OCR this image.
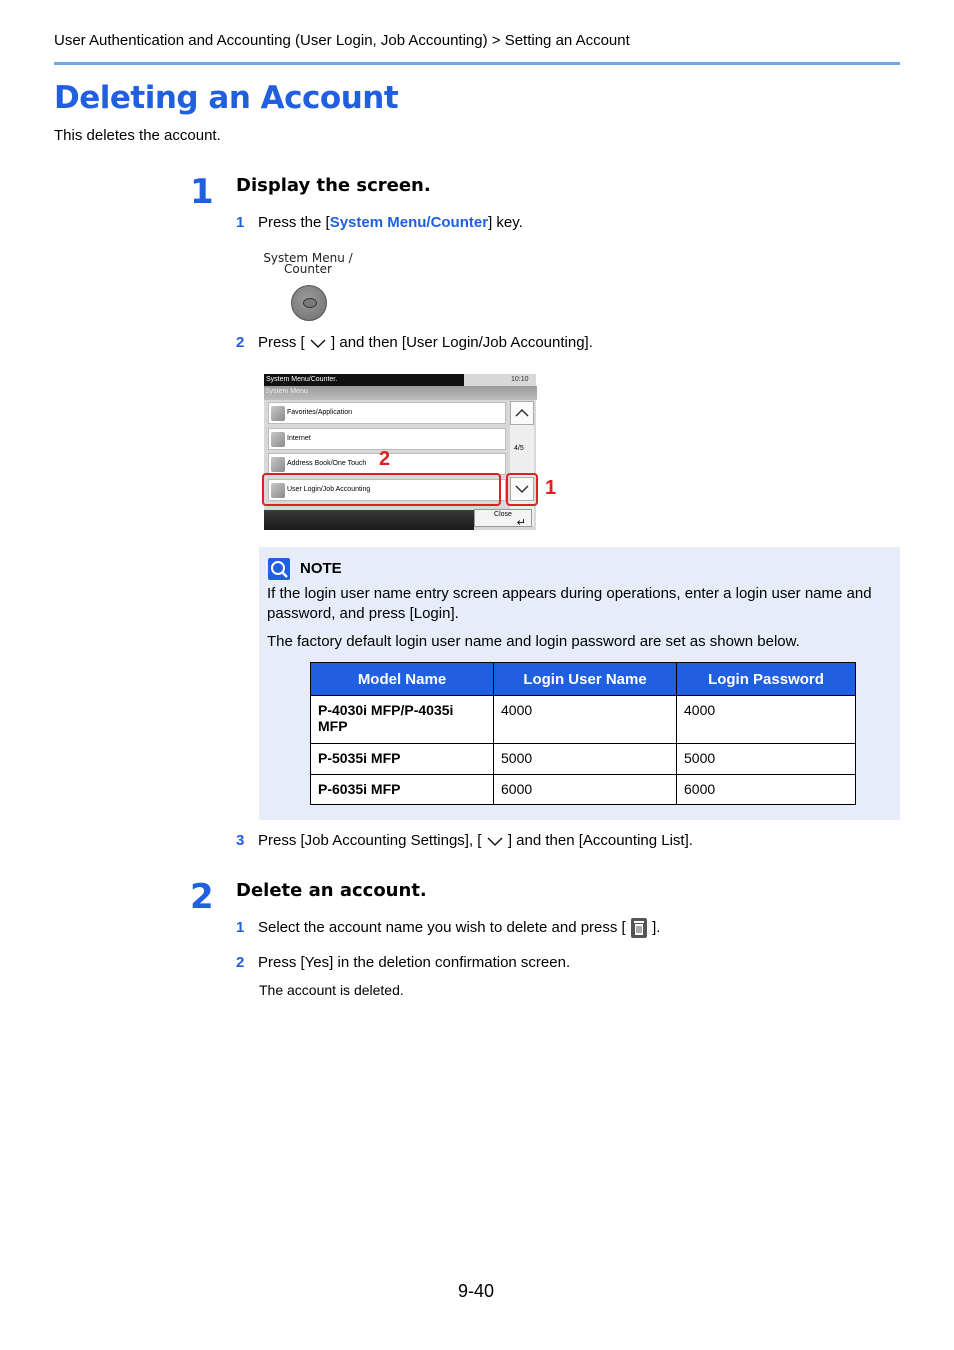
User Authentication and Accounting (User Login, Job Accounting) > Setting an Account
Deleting an Account
This deletes the account.
1 Display the screen.
1 Press the [System Menu/Counter] key.
System Menu /
Counter
2 Press [ ] and then [User Login/Job Accounting].
System Menu/Counter.	10:10
System Menu
Favorites/Application
Internet
Address Book/One Touch
User Login/Job Accounting
4/5
Close
↵
2
1
NOTE
If the login user name entry screen appears during operations, enter a login user name and password, and press [Login].
The factory default login user name and login password are set as shown below.
Model Name	Login User Name	Login Password
P-4030i MFP/P-4035i MFP	4000	4000
P-5035i MFP	5000	5000
P-6035i MFP	6000	6000
3 Press [Job Accounting Settings], [ ] and then [Accounting List].
2 Delete an account.
1 Select the account name you wish to delete and press [ ].
2 Press [Yes] in the deletion confirmation screen.
The account is deleted.
9-40
